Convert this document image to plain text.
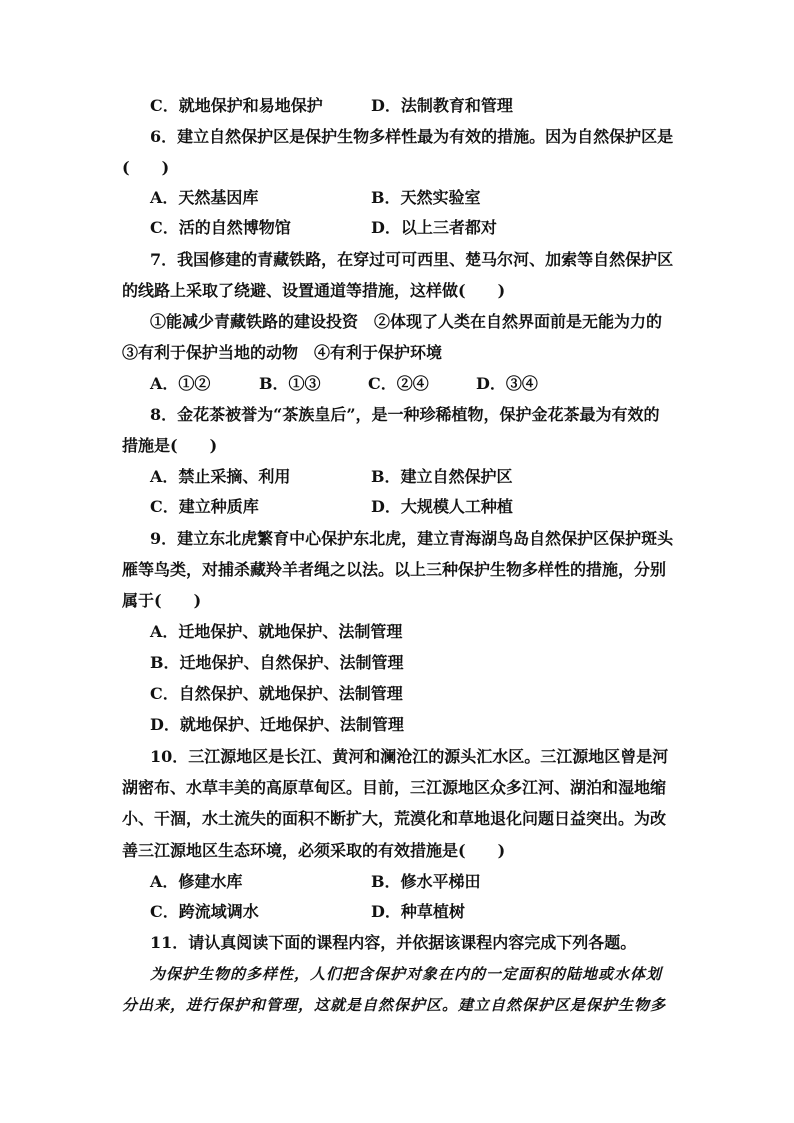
C．就地保护和易地保护	D．法制教育和管理
6．建立自然保护区是保护生物多样性最为有效的措施。因为自然保护区是
(　　)
A．天然基因库	B．天然实验室
C．活的自然博物馆	D．以上三者都对
7．我国修建的青藏铁路，在穿过可可西里、楚马尔河、加索等自然保护区
的线路上采取了绕避、设置通道等措施，这样做(　　)
①能减少青藏铁路的建设投资　②体现了人类在自然界面前是无能为力的
③有利于保护当地的动物　④有利于保护环境
A．①②	B．①③	C．②④	D．③④
8．金花茶被誉为“茶族皇后”，是一种珍稀植物，保护金花茶最为有效的
措施是(　　)
A．禁止采摘、利用	B．建立自然保护区
C．建立种质库	D．大规模人工种植
9．建立东北虎繁育中心保护东北虎，建立青海湖鸟岛自然保护区保护斑头
雁等鸟类，对捕杀藏羚羊者绳之以法。以上三种保护生物多样性的措施，分别
属于(　　)
A．迁地保护、就地保护、法制管理
B．迁地保护、自然保护、法制管理
C．自然保护、就地保护、法制管理
D．就地保护、迁地保护、法制管理
10．三江源地区是长江、黄河和澜沧江的源头汇水区。三江源地区曾是河
湖密布、水草丰美的高原草甸区。目前，三江源地区众多江河、湖泊和湿地缩
小、干涸，水土流失的面积不断扩大，荒漠化和草地退化问题日益突出。为改
善三江源地区生态环境，必须采取的有效措施是(　　)
A．修建水库	B．修水平梯田
C．跨流域调水	D．种草植树
11．请认真阅读下面的课程内容，并依据该课程内容完成下列各题。
为保护生物的多样性，人们把含保护对象在内的一定面积的陆地或水体划
分出来，进行保护和管理，这就是自然保护区。建立自然保护区是保护生物多
